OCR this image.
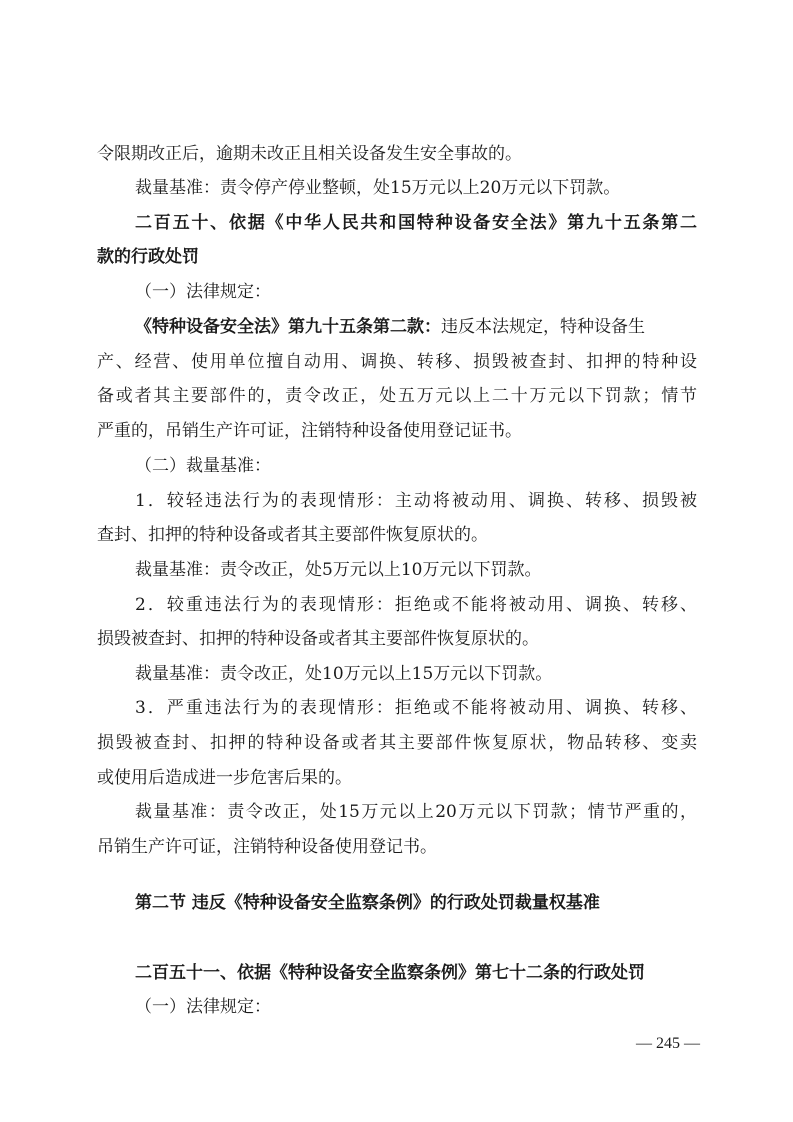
令限期改正后，逾期未改正且相关设备发生安全事故的。

裁量基准：责令停产停业整顿，处15万元以上20万元以下罚款。

二百五十、依据《中华人民共和国特种设备安全法》第九十五条第二

款的行政处罚

（一）法律规定：

《特种设备安全法》第九十五条第二款：违反本法规定，特种设备生

产、经营、使用单位擅自动用、调换、转移、损毁被查封、扣押的特种设

备或者其主要部件的，责令改正，处五万元以上二十万元以下罚款；情节

严重的，吊销生产许可证，注销特种设备使用登记证书。

（二）裁量基准：

1．较轻违法行为的表现情形：主动将被动用、调换、转移、损毁被

查封、扣押的特种设备或者其主要部件恢复原状的。

裁量基准：责令改正，处5万元以上10万元以下罚款。

2．较重违法行为的表现情形：拒绝或不能将被动用、调换、转移、

损毁被查封、扣押的特种设备或者其主要部件恢复原状的。

裁量基准：责令改正，处10万元以上15万元以下罚款。

3．严重违法行为的表现情形：拒绝或不能将被动用、调换、转移、

损毁被查封、扣押的特种设备或者其主要部件恢复原状，物品转移、变卖

或使用后造成进一步危害后果的。

裁量基准：责令改正，处15万元以上20万元以下罚款；情节严重的，

吊销生产许可证，注销特种设备使用登记书。

第二节 违反《特种设备安全监察条例》的行政处罚裁量权基准

二百五十一、依据《特种设备安全监察条例》第七十二条的行政处罚

（一）法律规定：

— 245 —
